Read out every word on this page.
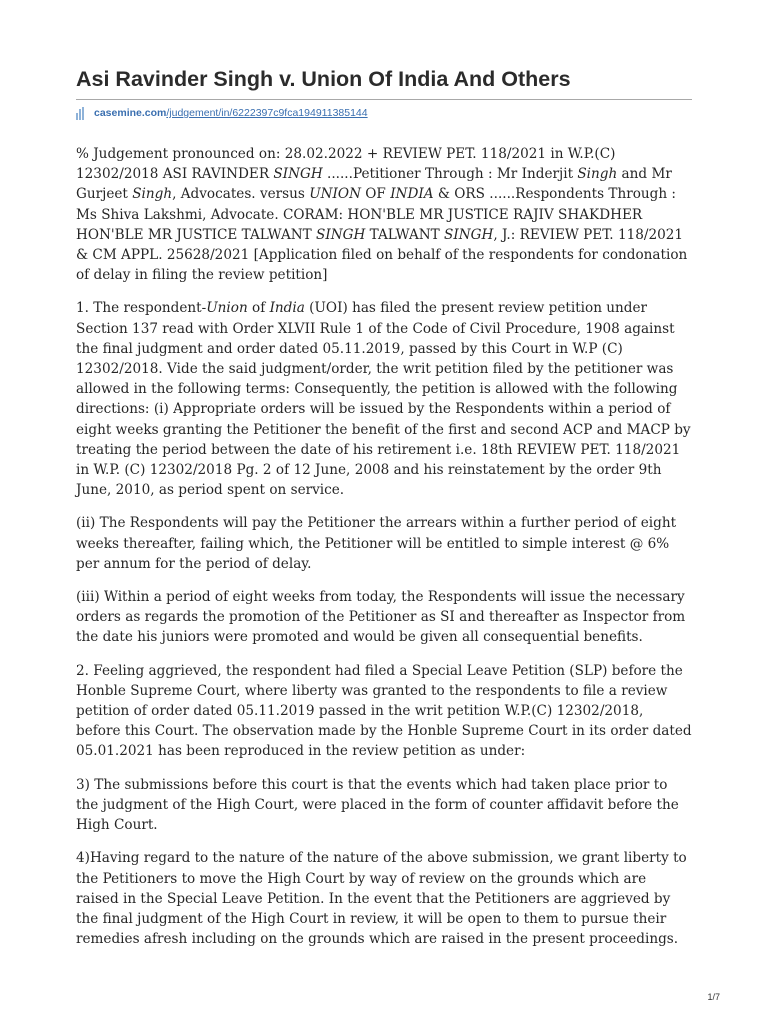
Asi Ravinder Singh v. Union Of India And Others
casemine.com/judgement/in/6222397c9fca194911385144

% Judgement pronounced on: 28.02.2022 + REVIEW PET. 118/2021 in W.P.(C) 12302/2018 ASI RAVINDER SINGH ......Petitioner Through : Mr Inderjit Singh and Mr Gurjeet Singh, Advocates. versus UNION OF INDIA & ORS ......Respondents Through : Ms Shiva Lakshmi, Advocate. CORAM: HON'BLE MR JUSTICE RAJIV SHAKDHER HON'BLE MR JUSTICE TALWANT SINGH TALWANT SINGH, J.: REVIEW PET. 118/2021 & CM APPL. 25628/2021 [Application filed on behalf of the respondents for condonation of delay in filing the review petition]

1. The respondent-Union of India (UOI) has filed the present review petition under Section 137 read with Order XLVII Rule 1 of the Code of Civil Procedure, 1908 against the final judgment and order dated 05.11.2019, passed by this Court in W.P (C) 12302/2018. Vide the said judgment/order, the writ petition filed by the petitioner was allowed in the following terms: Consequently, the petition is allowed with the following directions: (i) Appropriate orders will be issued by the Respondents within a period of eight weeks granting the Petitioner the benefit of the first and second ACP and MACP by treating the period between the date of his retirement i.e. 18th REVIEW PET. 118/2021 in W.P. (C) 12302/2018 Pg. 2 of 12 June, 2008 and his reinstatement by the order 9th June, 2010, as period spent on service.

(ii) The Respondents will pay the Petitioner the arrears within a further period of eight weeks thereafter, failing which, the Petitioner will be entitled to simple interest @ 6% per annum for the period of delay.

(iii) Within a period of eight weeks from today, the Respondents will issue the necessary orders as regards the promotion of the Petitioner as SI and thereafter as Inspector from the date his juniors were promoted and would be given all consequential benefits.

2. Feeling aggrieved, the respondent had filed a Special Leave Petition (SLP) before the Honble Supreme Court, where liberty was granted to the respondents to file a review petition of order dated 05.11.2019 passed in the writ petition W.P.(C) 12302/2018, before this Court. The observation made by the Honble Supreme Court in its order dated 05.01.2021 has been reproduced in the review petition as under:

3) The submissions before this court is that the events which had taken place prior to the judgment of the High Court, were placed in the form of counter affidavit before the High Court.

4)Having regard to the nature of the nature of the above submission, we grant liberty to the Petitioners to move the High Court by way of review on the grounds which are raised in the Special Leave Petition. In the event that the Petitioners are aggrieved by the final judgment of the High Court in review, it will be open to them to pursue their remedies afresh including on the grounds which are raised in the present proceedings.

1/7
